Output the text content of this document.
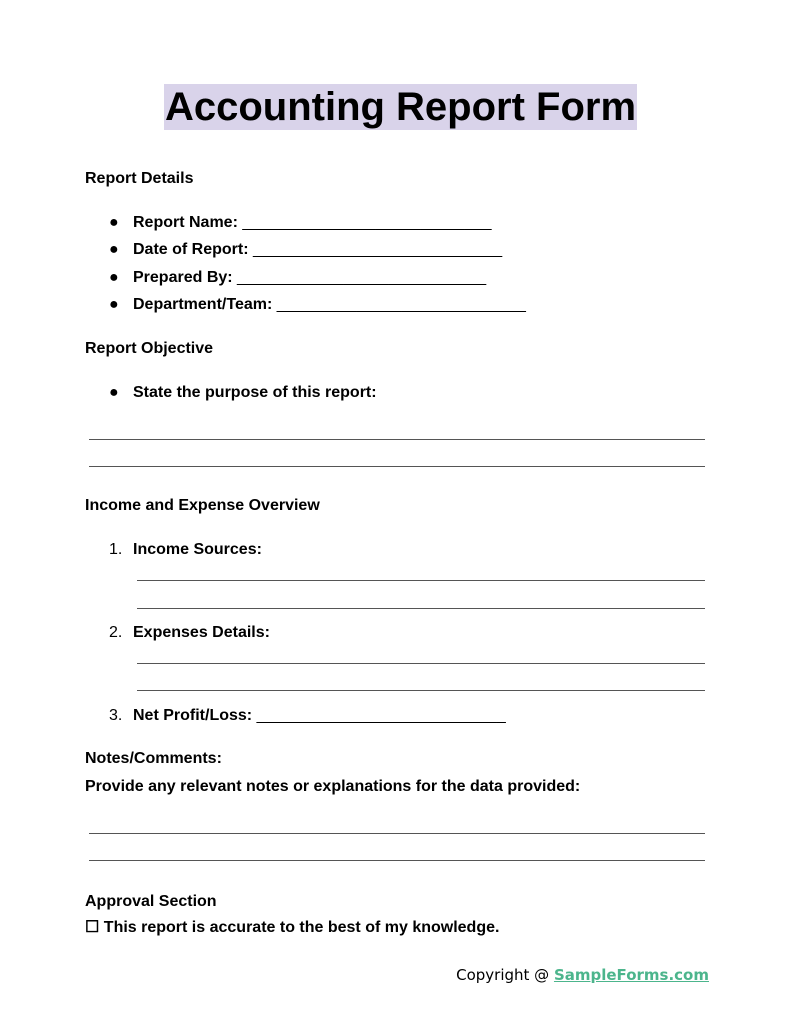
Accounting Report Form
Report Details
● Report Name: ____________________________
● Date of Report: ____________________________
● Prepared By: ____________________________
● Department/Team: ____________________________
Report Objective
● State the purpose of this report:
Income and Expense Overview
1. Income Sources:
2. Expenses Details:
3. Net Profit/Loss: ____________________________
Notes/Comments:
Provide any relevant notes or explanations for the data provided:
Approval Section
☐ This report is accurate to the best of my knowledge.
Copyright @ SampleForms.com
